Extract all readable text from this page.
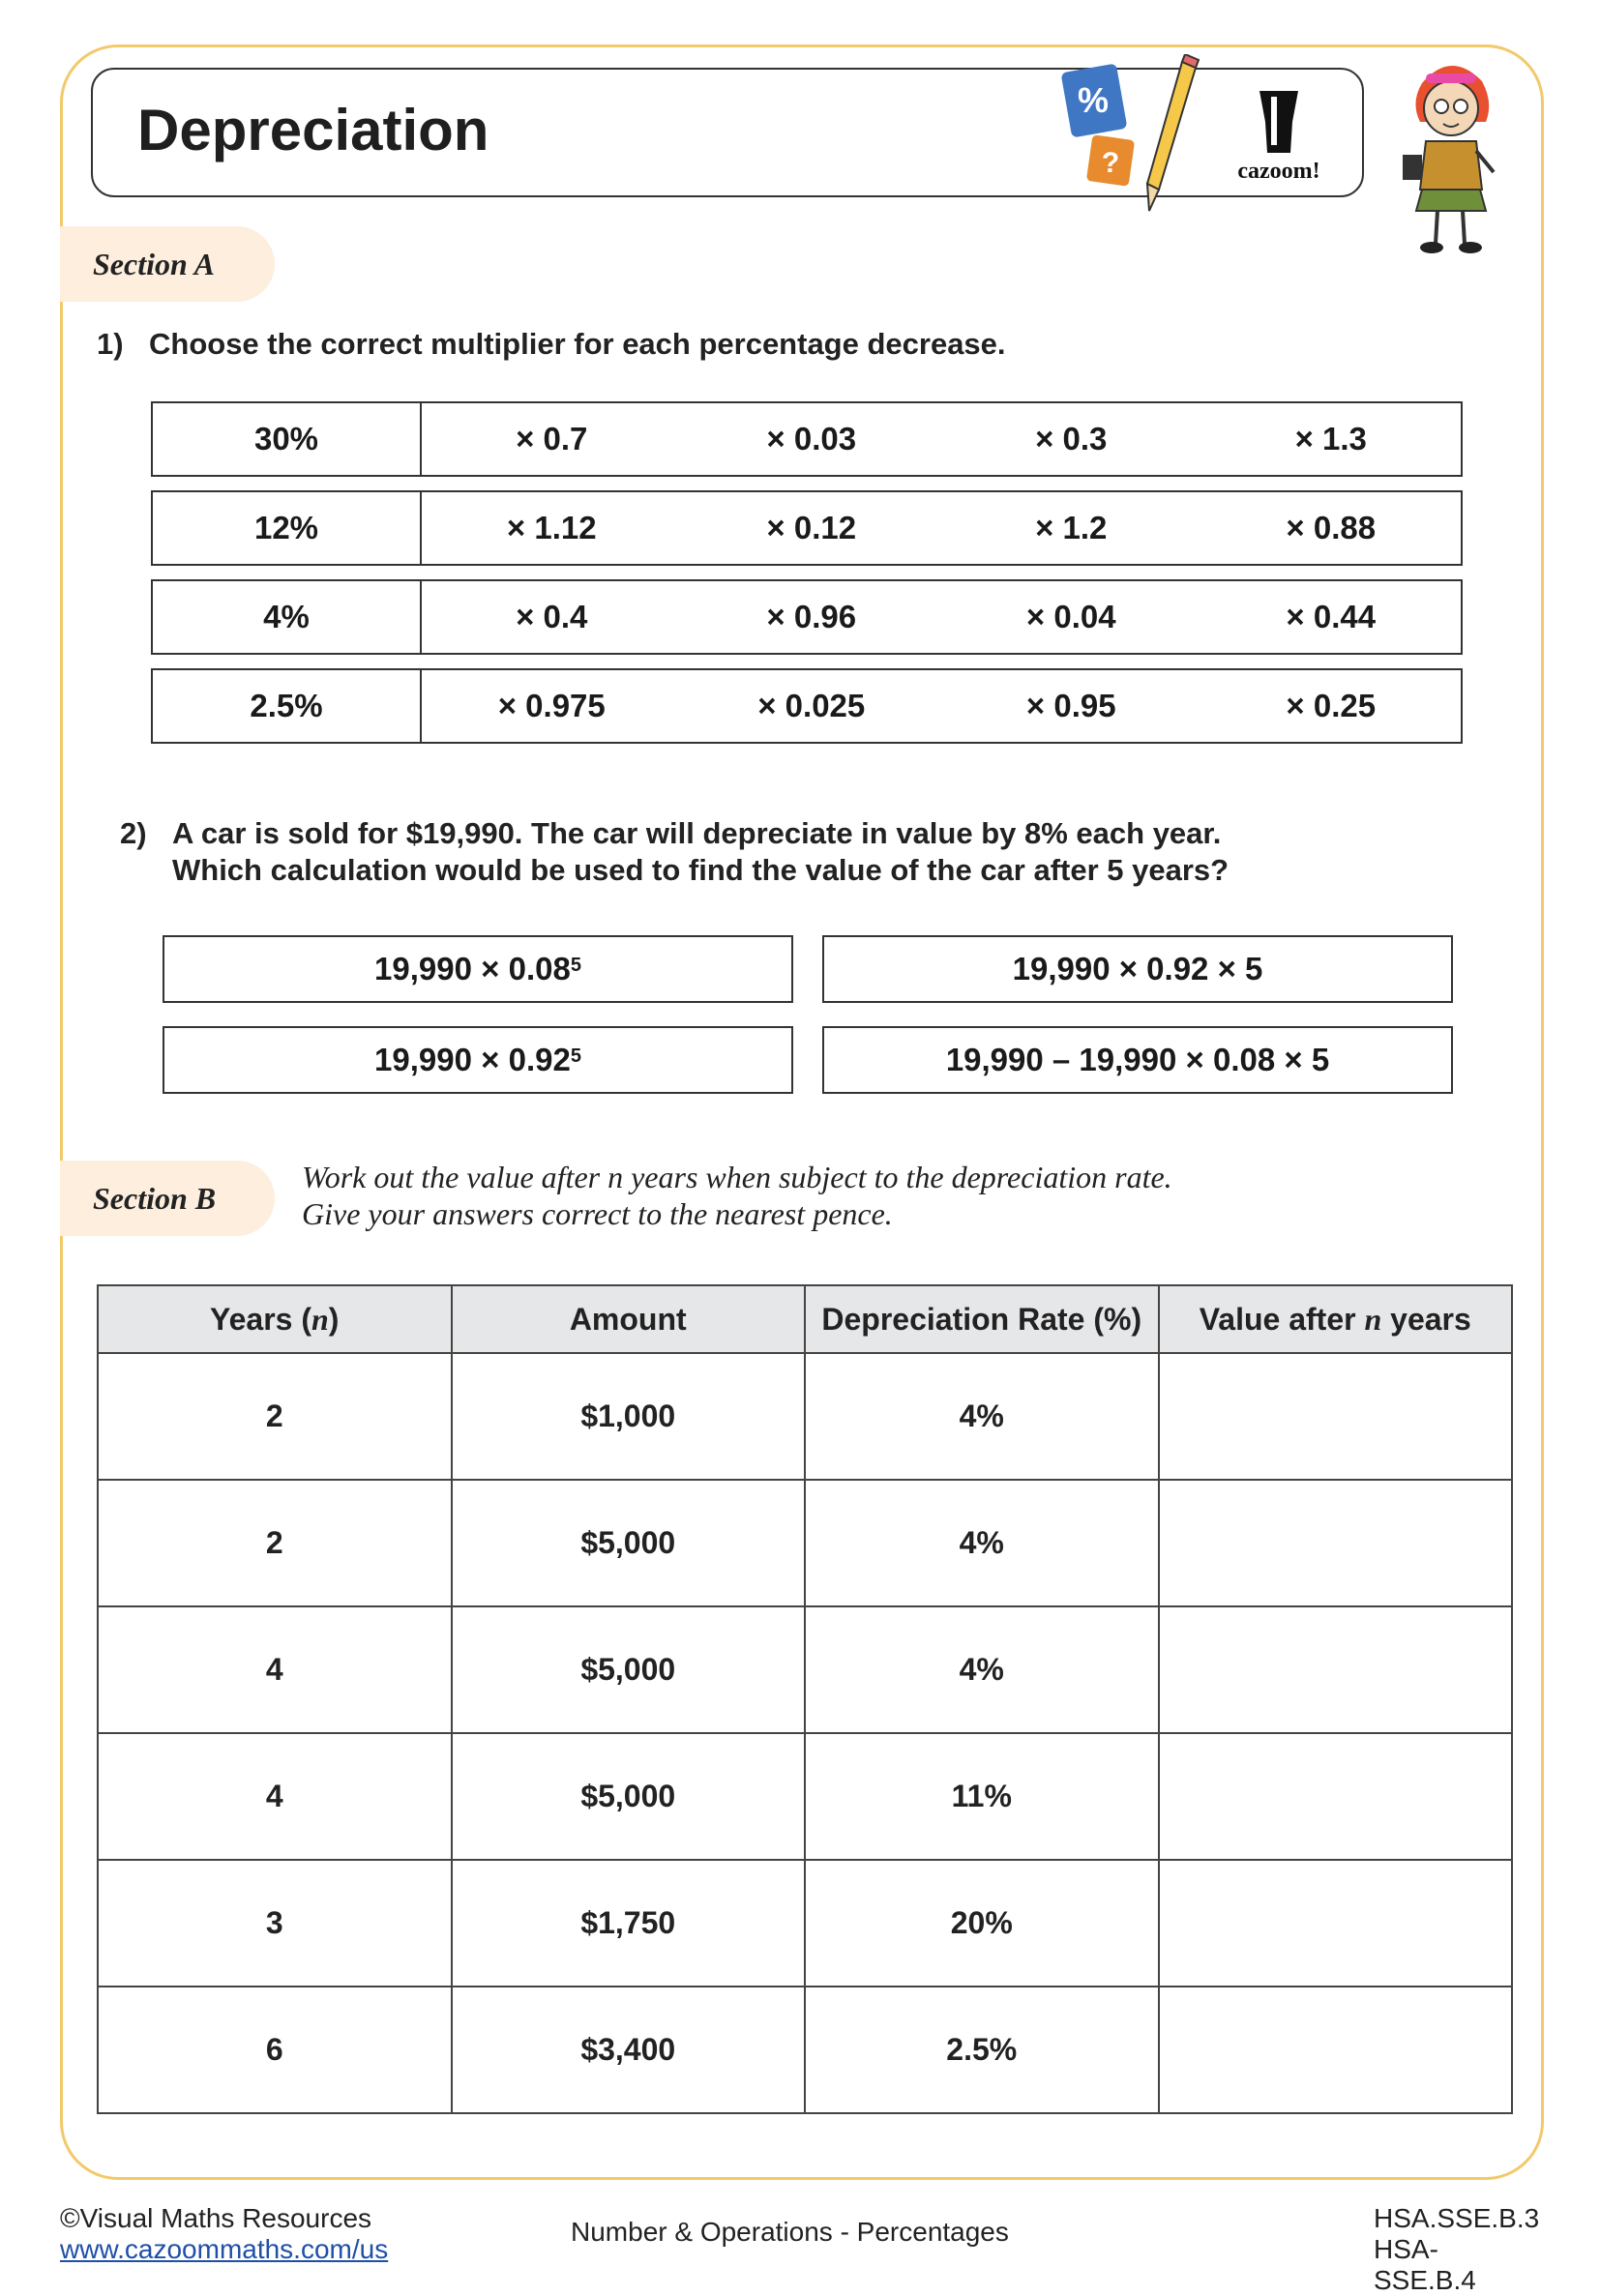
Depreciation	%
?	cazoom!
Section A
1) Choose the correct multiplier for each percentage decrease.
30%	× 0.7	× 0.03	× 0.3	× 1.3
12%	× 1.12	× 0.12	× 1.2	× 0.88
4%	× 0.4	× 0.96	× 0.04	× 0.44
2.5%	× 0.975	× 0.025	× 0.95	× 0.25
2) A car is sold for $19,990. The car will depreciate in value by 8% each year.
Which calculation would be used to find the value of the car after 5 years?
$19,990 \times 0.08^5$	19,990 × 0.92 × 5
$19,990 \times 0.92^5$	19,990 – 19,990 × 0.08 × 5
Section B
Work out the value after n years when subject to the depreciation rate.
Give your answers correct to the nearest pence.
Years (n)	Amount	Depreciation Rate (%)	Value after n years
2	$1,000	4%	
2	$5,000	4%	
4	$5,000	4%	
4	$5,000	11%	
3	$1,750	20%	
6	$3,400	2.5%	
©Visual Maths Resources
www.cazoommaths.com/us
Number & Operations - Percentages	HSA.SSE.B.3
HSA-SSE.B.4
